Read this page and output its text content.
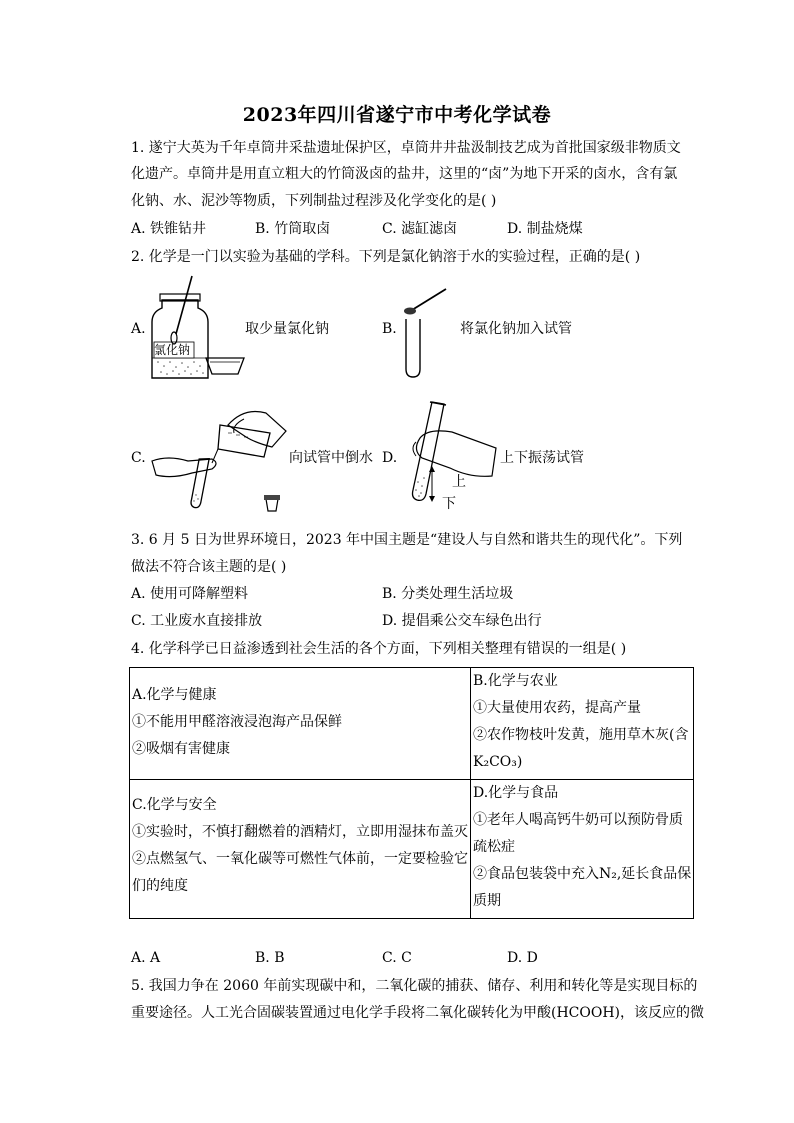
2023年四川省遂宁市中考化学试卷
1. 遂宁大英为千年卓筒井采盐遗址保护区，卓筒井井盐汲制技艺成为首批国家级非物质文
化遗产。卓筒井是用直立粗大的竹筒汲卤的盐井，这里的“卤”为地下开采的卤水，含有氯
化钠、水、泥沙等物质，下列制盐过程涉及化学变化的是( )
A. 铁锥钻井	B. 竹筒取卤	C. 滤缸滤卤	D. 制盐烧煤
2. 化学是一门以实验为基础的学科。下列是氯化钠溶于水的实验过程，正确的是( )
A.
氯化钠
取少量氯化钠	B.	将氯化钠加入试管
C.	向试管中倒水 D.
上
下
上下振荡试管
3. 6 月 5 日为世界环境日，2023 年中国主题是“建设人与自然和谐共生的现代化”。下列
做法不符合该主题的是( )
A. 使用可降解塑料	B. 分类处理生活垃圾
C. 工业废水直接排放	D. 提倡乘公交车绿色出行
4. 化学科学已日益渗透到社会生活的各个方面，下列相关整理有错误的一组是( )
A.化学与健康
①不能用甲醛溶液浸泡海产品保鲜
②吸烟有害健康	B.化学与农业
①大量使用农药，提高产量
②农作物枝叶发黄，施用草木灰(含
K₂CO₃)

C.化学与安全
①实验时，不慎打翻燃着的酒精灯，立即用湿抹布盖灭
②点燃氢气、一氧化碳等可燃性气体前，一定要检验它
们的纯度	D.化学与食品
①老年人喝高钙牛奶可以预防骨质
疏松症
②食品包装袋中充入N₂,延长食品保
质期
A. A	B. B	C. C	D. D
5. 我国力争在 2060 年前实现碳中和，二氧化碳的捕获、储存、利用和转化等是实现目标的
重要途径。人工光合固碳装置通过电化学手段将二氧化碳转化为甲酸(HCOOH)，该反应的微
